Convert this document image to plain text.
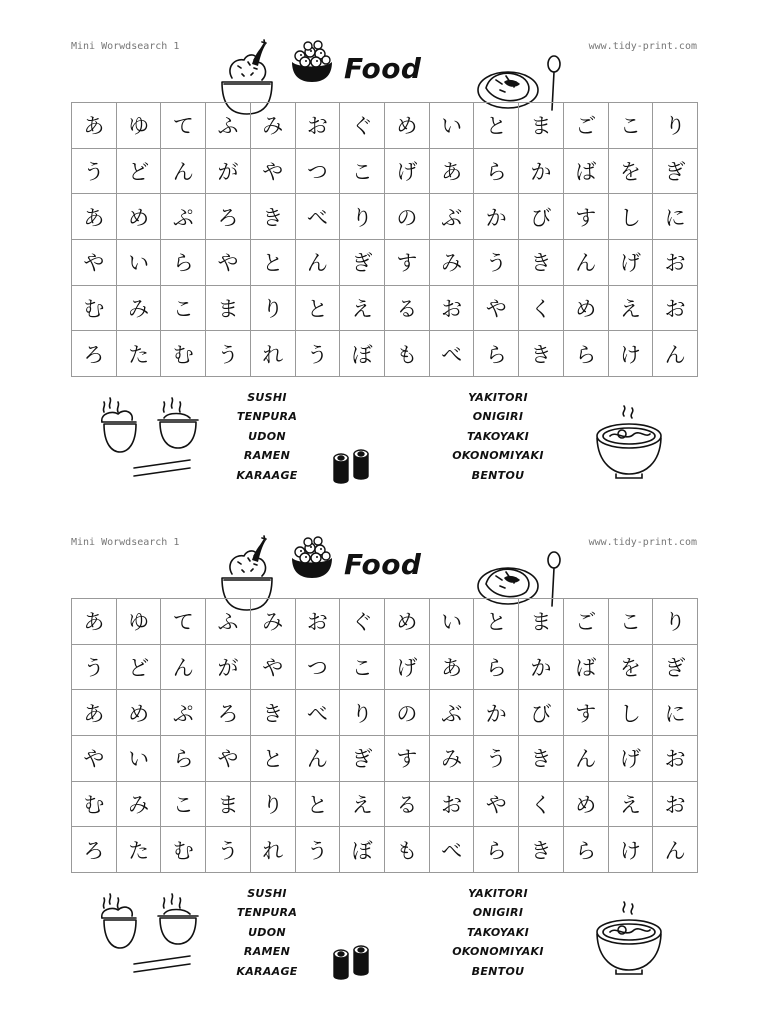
Mini Worwdsearch 1	www.tidy-print.com
Food
あ	ゆ	て	ふ	み	お	ぐ	め	い	と	ま	ご	こ	り
う	ど	ん	が	や	つ	こ	げ	あ	ら	か	ば	を	ぎ
あ	め	ぷ	ろ	き	べ	り	の	ぶ	か	び	す	し	に
や	い	ら	や	と	ん	ぎ	す	み	う	き	ん	げ	お
む	み	こ	ま	り	と	え	る	お	や	く	め	え	お
ろ	た	む	う	れ	う	ぼ	も	べ	ら	き	ら	け	ん
SUSHI
TENPURA
UDON
RAMEN
KARAAGE
YAKITORI
ONIGIRI
TAKOYAKI
OKONOMIYAKI
BENTOU
Mini Worwdsearch 1	www.tidy-print.com
Food
あ	ゆ	て	ふ	み	お	ぐ	め	い	と	ま	ご	こ	り
う	ど	ん	が	や	つ	こ	げ	あ	ら	か	ば	を	ぎ
あ	め	ぷ	ろ	き	べ	り	の	ぶ	か	び	す	し	に
や	い	ら	や	と	ん	ぎ	す	み	う	き	ん	げ	お
む	み	こ	ま	り	と	え	る	お	や	く	め	え	お
ろ	た	む	う	れ	う	ぼ	も	べ	ら	き	ら	け	ん
SUSHI
TENPURA
UDON
RAMEN
KARAAGE
YAKITORI
ONIGIRI
TAKOYAKI
OKONOMIYAKI
BENTOU
